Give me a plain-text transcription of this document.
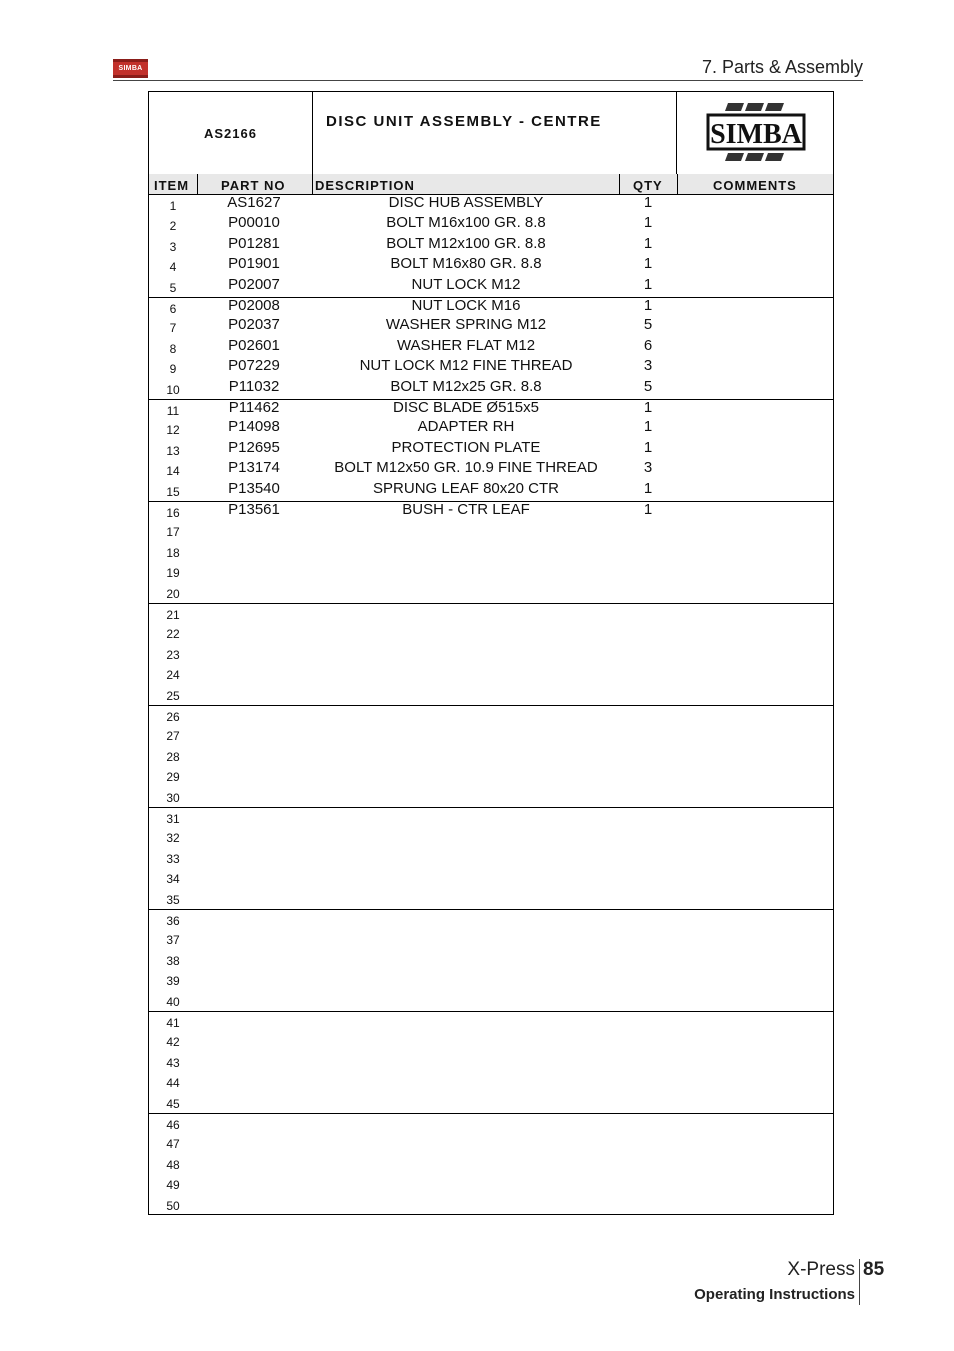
SIMBA	7. Parts & Assembly
AS2166
DISC UNIT ASSEMBLY - CENTRE	SIMBA
ITEM PART NO DESCRIPTION	QTY	COMMENTS
1	AS1627	DISC HUB ASSEMBLY	1
2	P00010	BOLT M16x100 GR. 8.8	1
3	P01281	BOLT M12x100 GR. 8.8	1
4	P01901	BOLT M16x80 GR. 8.8	1
5	P02007	NUT LOCK M12	1
6	P02008	NUT LOCK M16	1
7	P02037	WASHER SPRING M12	5
8	P02601	WASHER FLAT M12	6
9	P07229	NUT LOCK M12 FINE THREAD	3
10	P11032	BOLT M12x25 GR. 8.8	5
11	P11462	DISC BLADE Ø515x5	1
12	P14098	ADAPTER RH	1
13	P12695	PROTECTION PLATE	1
14	P13174	BOLT M12x50 GR. 10.9 FINE THREAD	3
15	P13540	SPRUNG LEAF 80x20 CTR	1
16	P13561	BUSH - CTR LEAF	1
17
18
19
20
21
22
23
24
25
26
27
28
29
30
31
32
33
34
35
36
37
38
39
40
41
42
43
44
45
46
47
48
49
50
X-Press 85
Operating Instructions
